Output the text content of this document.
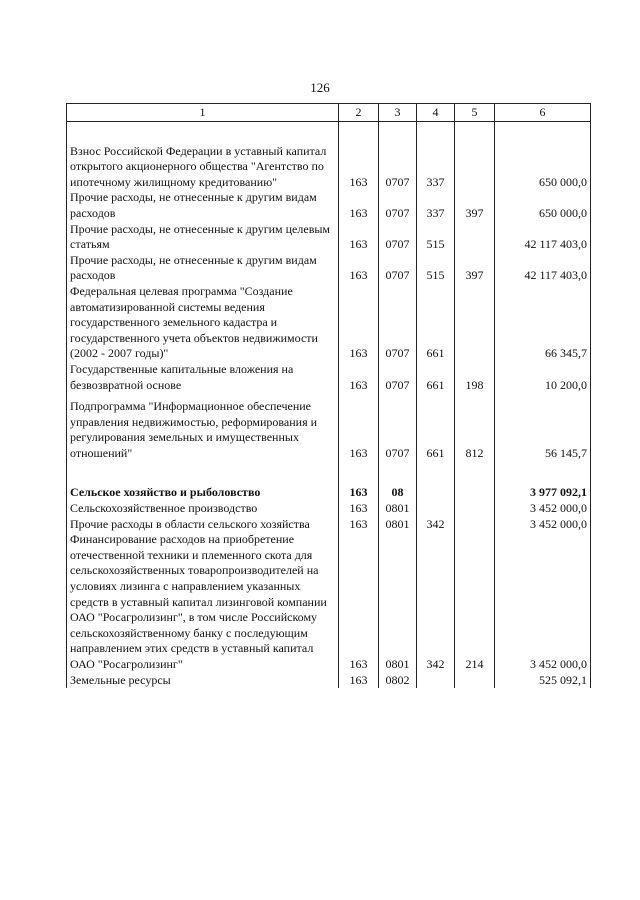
126
1	2	3	4	5	6

Взнос Российской Федерации в уставный капитал открытого акционерного общества "Агентство по ипотечному жилищному кредитованию"	163	0707	337		650 000,0
Прочие расходы, не отнесенные к другим видам расходов	163	0707	337	397	650 000,0
Прочие расходы, не отнесенные к другим целевым статьям	163	0707	515		42 117 403,0
Прочие расходы, не отнесенные к другим видам расходов	163	0707	515	397	42 117 403,0
Федеральная целевая программа "Создание автоматизированной системы ведения государственного земельного кадастра и государственного учета объектов недвижимости (2002 - 2007 годы)"	163	0707	661		66 345,7
Государственные капитальные вложения на безвозвратной основе	163	0707	661	198	10 200,0

Подпрограмма "Информационное обеспечение управления недвижимостью, реформирования и регулирования земельных и имущественных отношений"	163	0707	661	812	56 145,7

Сельское хозяйство и рыболовство	163	08			3 977 092,1
Сельскохозяйственное производство	163	0801			3 452 000,0
Прочие расходы в области сельского хозяйства	163	0801	342		3 452 000,0
Финансирование расходов на приобретение отечественной техники и племенного скота для сельскохозяйственных товаропроизводителей на условиях лизинга с направлением указанных средств в уставный капитал лизинговой компании ОАО "Росагролизинг", в том числе Российскому сельскохозяйственному банку с последующим направлением этих средств в уставный капитал ОАО "Росагролизинг"	163	0801	342	214	3 452 000,0
Земельные ресурсы	163	0802			525 092,1
